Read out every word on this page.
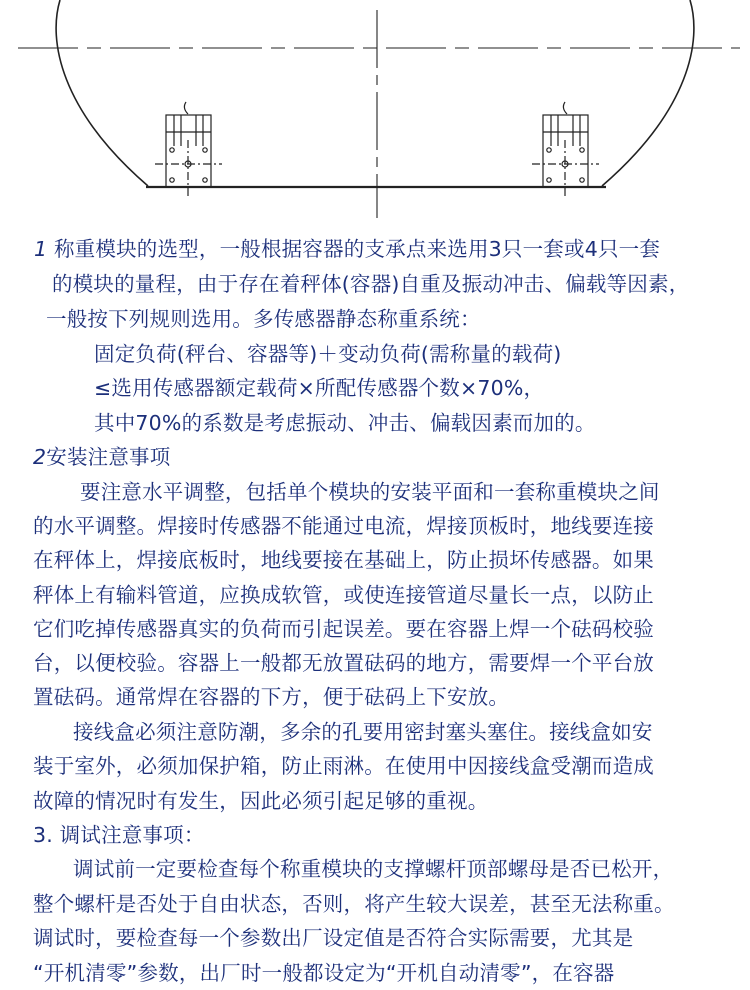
1 称重模块的选型，一般根据容器的支承点来选用3只一套或4只一套
的模块的量程，由于存在着秤体(容器)自重及振动冲击、偏载等因素，
一般按下列规则选用。多传感器静态称重系统：
固定负荷(秤台、容器等)＋变动负荷(需称量的载荷)
≤选用传感器额定载荷×所配传感器个数×70%，
其中70%的系数是考虑振动、冲击、偏载因素而加的。
2安装注意事项
要注意水平调整，包括单个模块的安装平面和一套称重模块之间
的水平调整。焊接时传感器不能通过电流，焊接顶板时，地线要连接
在秤体上，焊接底板时，地线要接在基础上，防止损坏传感器。如果
秤体上有输料管道，应换成软管，或使连接管道尽量长一点，以防止
它们吃掉传感器真实的负荷而引起误差。要在容器上焊一个砝码校验
台，以便校验。容器上一般都无放置砝码的地方，需要焊一个平台放
置砝码。通常焊在容器的下方，便于砝码上下安放。
接线盒必须注意防潮，多余的孔要用密封塞头塞住。接线盒如安
装于室外，必须加保护箱，防止雨淋。在使用中因接线盒受潮而造成
故障的情况时有发生，因此必须引起足够的重视。
3. 调试注意事项：
调试前一定要检查每个称重模块的支撑螺杆顶部螺母是否已松开，
整个螺杆是否处于自由状态，否则，将产生较大误差，甚至无法称重。
调试时，要检查每一个参数出厂设定值是否符合实际需要，尤其是
“开机清零”参数，出厂时一般都设定为“开机自动清零”，在容器
